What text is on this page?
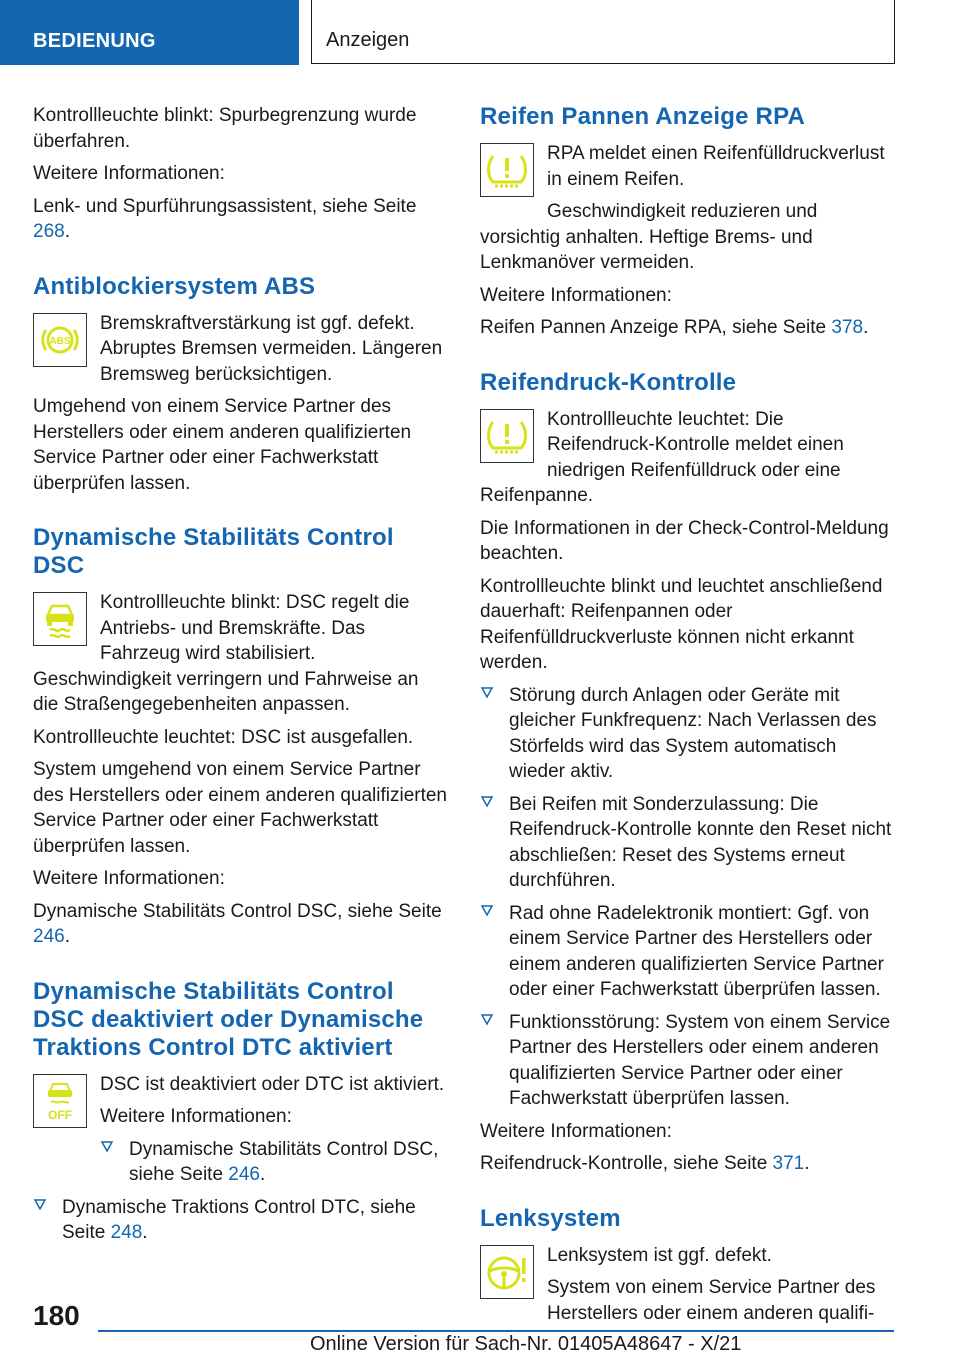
BEDIENUNG	Anzeigen

Kontrollleuchte blinkt: Spurbegrenzung wurde überfahren.

Weitere Informationen:

Lenk- und Spurführungsassistent, siehe Seite 268.

Antiblockiersystem ABS
ABS

Bremskraftverstärkung ist ggf. defekt. Abruptes Bremsen vermeiden. Längeren Bremsweg berücksichtigen.

Umgehend von einem Service Partner des Herstellers oder einem anderen qualifizierten Service Partner oder einer Fachwerkstatt überprüfen lassen.

Dynamische Stabilitäts Control DSC

Kontrollleuchte blinkt: DSC regelt die Antriebs- und Bremskräfte. Das Fahrzeug wird stabilisiert. Geschwindigkeit verringern und Fahrweise an die Straßengegebenheiten anpassen.

Kontrollleuchte leuchtet: DSC ist ausgefallen.

System umgehend von einem Service Partner des Herstellers oder einem anderen qualifizierten Service Partner oder einer Fachwerkstatt überprüfen lassen.

Weitere Informationen:

Dynamische Stabilitäts Control DSC, siehe Seite 246.

Dynamische Stabilitäts Control DSC deaktiviert oder Dynamische Traktions Control DTC aktiviert
OFF

DSC ist deaktiviert oder DTC ist aktiviert.

Weitere Informationen:

Dynamische Stabilitäts Control DSC, siehe Seite 246.

Dynamische Traktions Control DTC, siehe Seite 248.

Reifen Pannen Anzeige RPA

RPA meldet einen Reifenfülldruckverlust in einem Reifen.

Geschwindigkeit reduzieren und vorsichtig anhalten. Heftige Brems- und Lenkmanöver vermeiden.

Weitere Informationen:

Reifen Pannen Anzeige RPA, siehe Seite 378.

Reifendruck-Kontrolle

Kontrollleuchte leuchtet: Die Reifendruck-Kontrolle meldet einen niedrigen Reifenfülldruck oder eine Reifenpanne.

Die Informationen in der Check-Control-Meldung beachten.

Kontrollleuchte blinkt und leuchtet anschließend dauerhaft: Reifenpannen oder Reifenfülldruckverluste können nicht erkannt werden.

Störung durch Anlagen oder Geräte mit gleicher Funkfrequenz: Nach Verlassen des Störfelds wird das System automatisch wieder aktiv.

Bei Reifen mit Sonderzulassung: Die Reifendruck-Kontrolle konnte den Reset nicht abschließen: Reset des Systems erneut durchführen.

Rad ohne Radelektronik montiert: Ggf. von einem Service Partner des Herstellers oder einem anderen qualifizierten Service Partner oder einer Fachwerkstatt überprüfen lassen.

Funktionsstörung: System von einem Service Partner des Herstellers oder einem anderen qualifizierten Service Partner oder einer Fachwerkstatt überprüfen lassen.

Weitere Informationen:

Reifendruck-Kontrolle, siehe Seite 371.

Lenksystem

Lenksystem ist ggf. defekt.

System von einem Service Partner des Herstellers oder einem anderen qualifi-

180
Online Version für Sach-Nr. 01405A48647 - X/21
